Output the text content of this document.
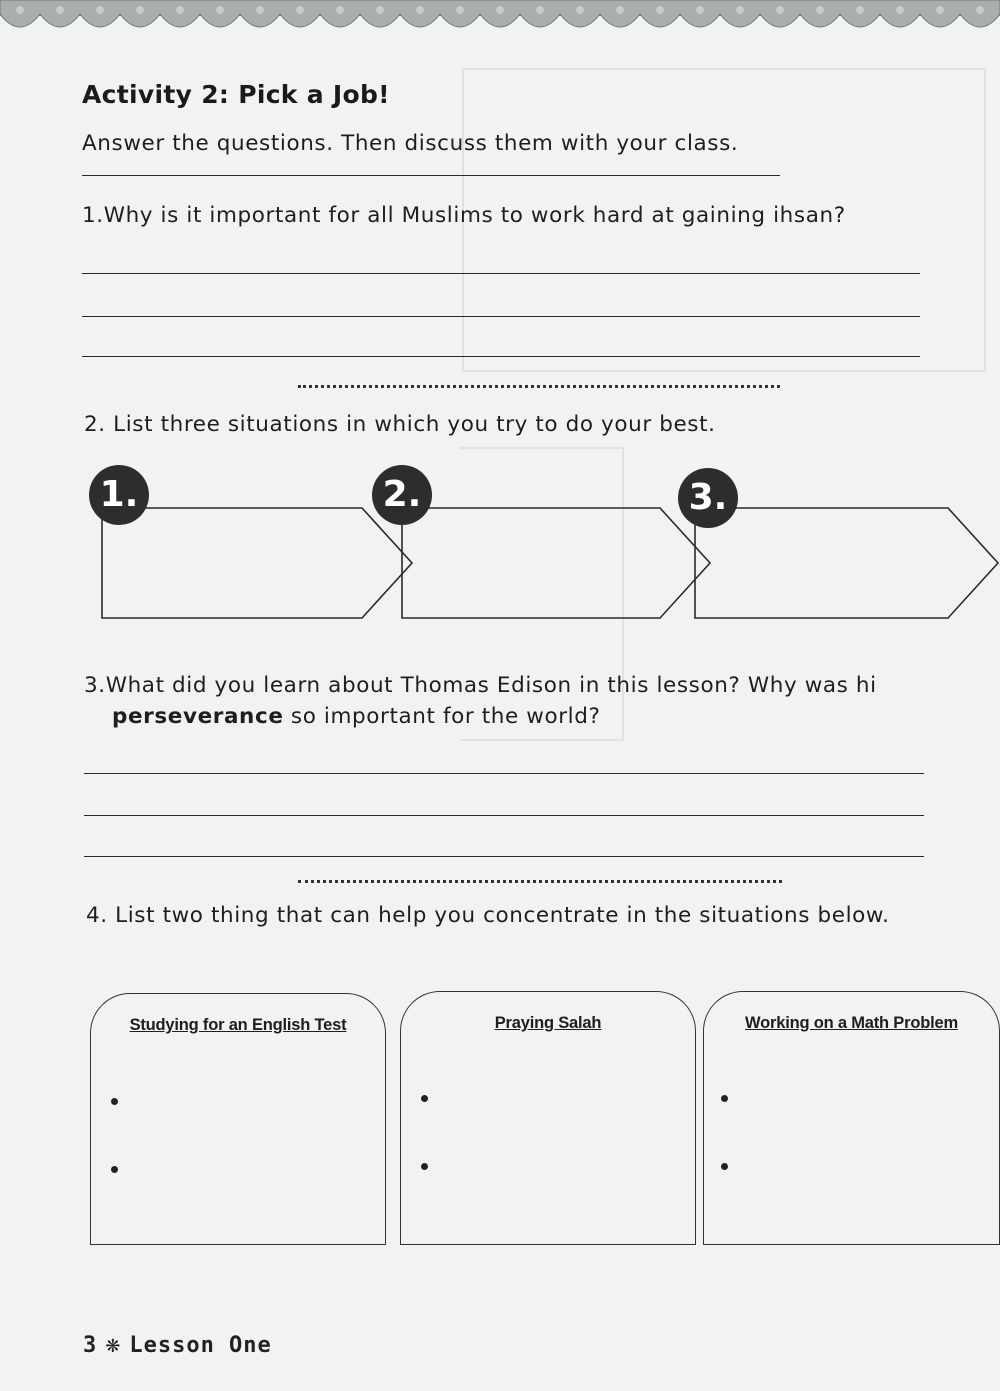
Activity 2: Pick a Job!
Answer the questions. Then discuss them with your class.
1.Why is it important for all Muslims to work hard at gaining ihsan?
2. List three situations in which you try to do your best.
1.	2.	3.
3.What did you learn about Thomas Edison in this lesson? Why was hi
perseverance so important for the world?
4. List two thing that can help you concentrate in the situations below.
Studying for an English Test	Praying Salah	Working on a Math Problem
3 ❋ Lesson One
